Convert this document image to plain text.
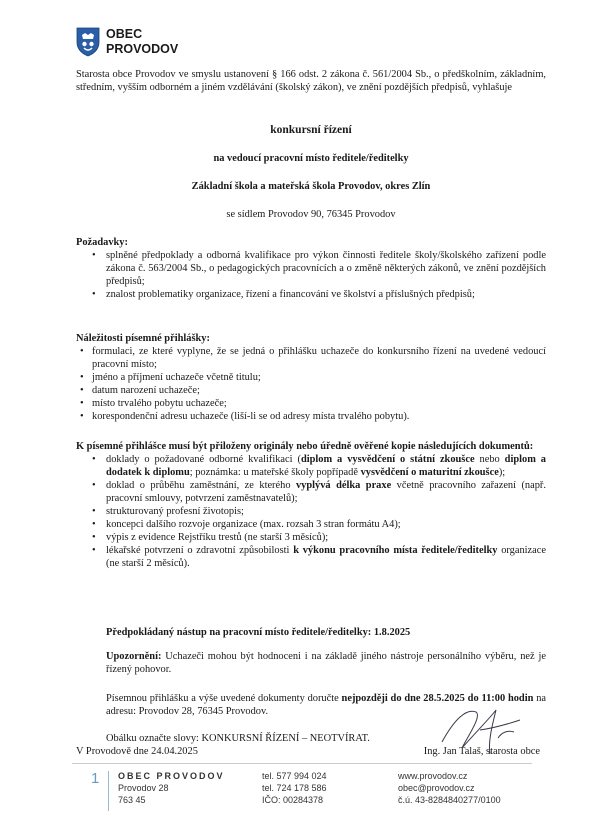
OBEC
PROVODOV

Starosta obce Provodov ve smyslu ustanovení § 166 odst. 2 zákona č. 561/2004 Sb., o předškolním, základním, středním, vyšším odborném a jiném vzdělávání (školský zákon), ve znění pozdějších předpisů, vyhlašuje

konkursní řízení

na vedoucí pracovní místo ředitele/ředitelky

Základní škola a mateřská škola Provodov, okres Zlín

se sídlem Provodov 90, 76345 Provodov

Požadavky:

• splněné předpoklady a odborná kvalifikace pro výkon činnosti ředitele školy/školského zařízení podle zákona č. 563/2004 Sb., o pedagogických pracovnících a o změně některých zákonů, ve znění pozdějších předpisů;
• znalost problematiky organizace, řízení a financování ve školství a příslušných předpisů;

Náležitosti písemné přihlášky:

• formulaci, ze které vyplyne, že se jedná o přihlášku uchazeče do konkursního řízení na uvedené vedoucí pracovní místo;
• jméno a příjmení uchazeče včetně titulu;
• datum narození uchazeče;
• místo trvalého pobytu uchazeče;
• korespondenční adresu uchazeče (liší-li se od adresy místa trvalého pobytu).

K písemné přihlášce musí být přiloženy originály nebo úředně ověřené kopie následujících dokumentů:

• doklady o požadované odborné kvalifikaci (diplom a vysvědčení o státní zkoušce nebo diplom a dodatek k diplomu; poznámka: u mateřské školy popřípadě vysvědčení o maturitní zkoušce);
• doklad o průběhu zaměstnání, ze kterého vyplývá délka praxe včetně pracovního zařazení (např. pracovní smlouvy, potvrzení zaměstnavatelů);
• strukturovaný profesní životopis;
• koncepci dalšího rozvoje organizace (max. rozsah 3 stran formátu A4);
• výpis z evidence Rejstříku trestů (ne starší 3 měsíců);
• lékařské potvrzení o zdravotní způsobilosti k výkonu pracovního místa ředitele/ředitelky organizace (ne starší 2 měsíců).

Předpokládaný nástup na pracovní místo ředitele/ředitelky: 1.8.2025

Upozornění: Uchazeči mohou být hodnoceni i na základě jiného nástroje personálního výběru, než je řízený pohovor.

Písemnou přihlášku a výše uvedené dokumenty doručte nejpozději do dne 28.5.2025 do 11:00 hodin na adresu: Provodov 28, 76345 Provodov.

Obálku označte slovy: KONKURSNÍ ŘÍZENÍ – NEOTVÍRAT.

V Provodově dne 24.04.2025	Ing. Jan Talaš, starosta obce

1 OBEC PROVODOV
Provodov 28
763 45
tel. 577 994 024
tel. 724 178 586
IČO: 00284378
www.provodov.cz
obec@provodov.cz
č.ú. 43-8284840277/0100
